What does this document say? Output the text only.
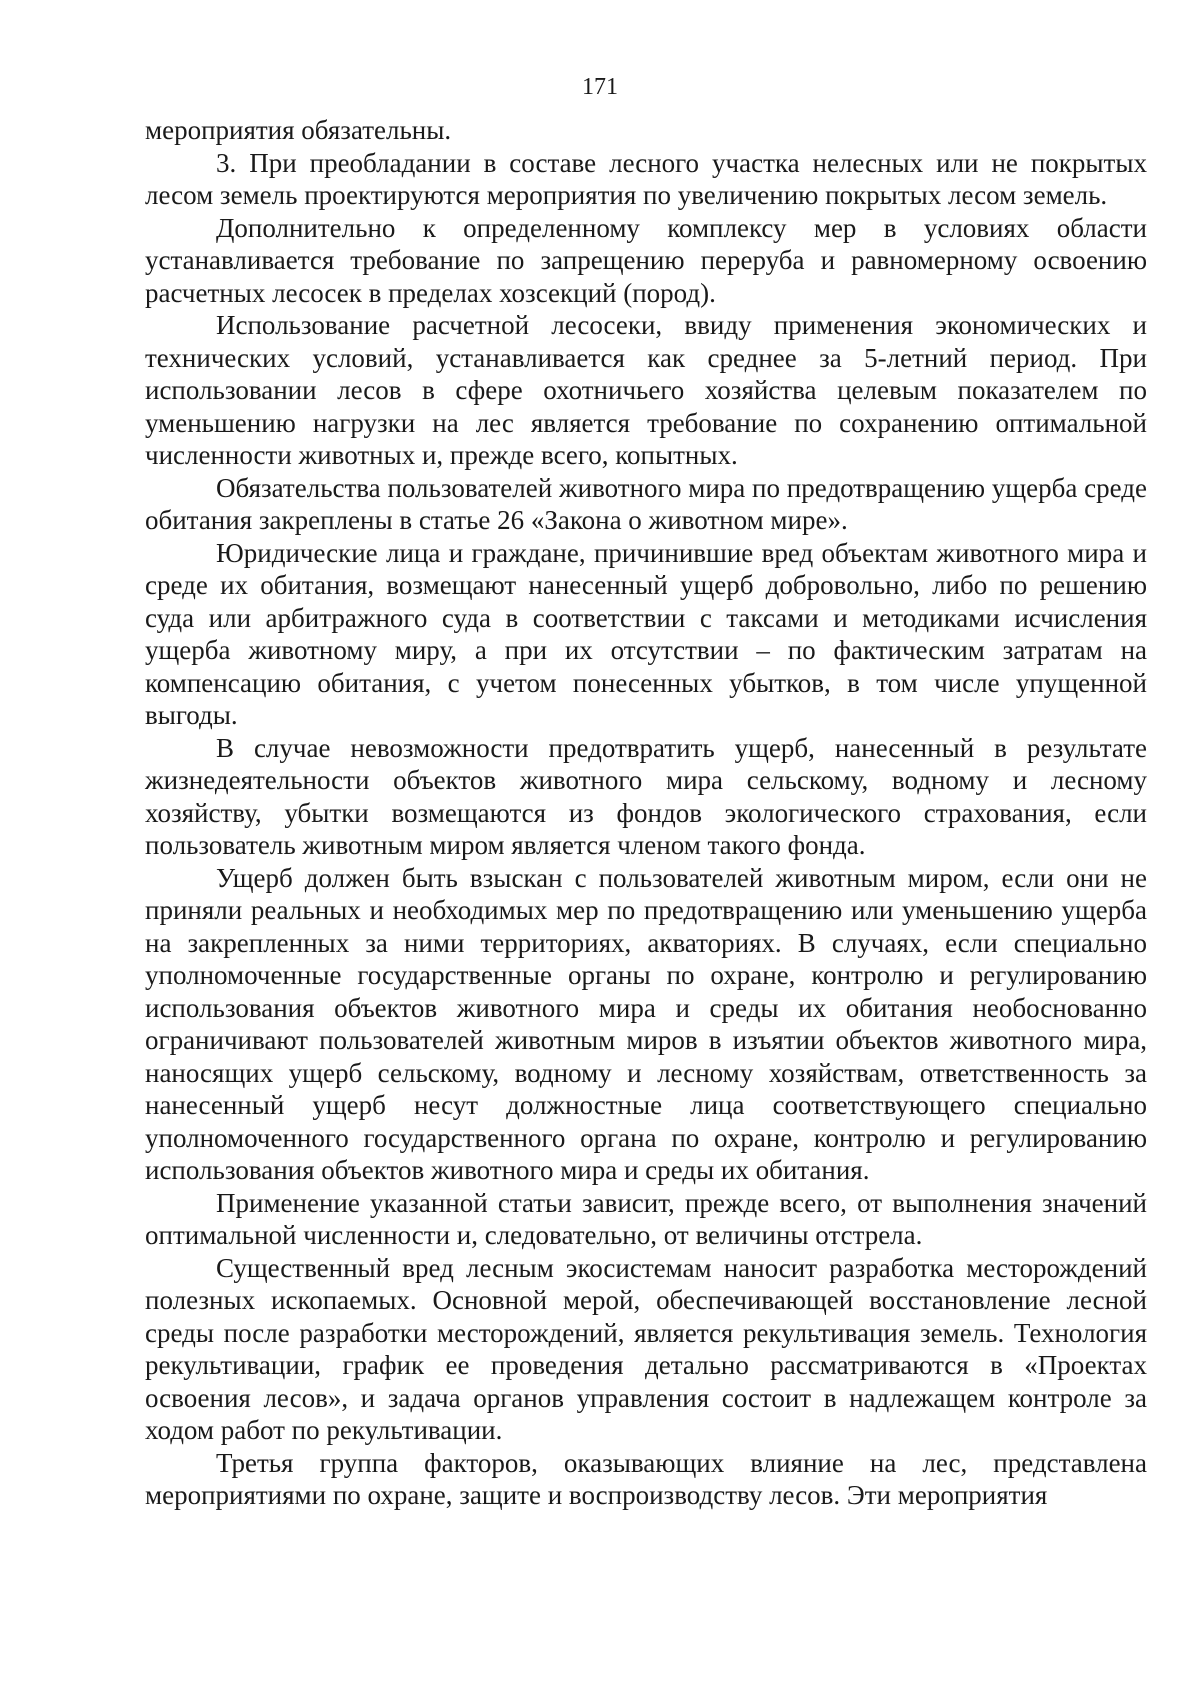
171

мероприятия обязательны.

3. При преобладании в составе лесного участка нелесных или не покрытых лесом земель проектируются мероприятия по увеличению покрытых лесом земель.

Дополнительно к определенному комплексу мер в условиях области устанавливается требование по запрещению переруба и равномерному освоению расчетных лесосек в пределах хозсекций (пород).

Использование расчетной лесосеки, ввиду применения экономических и технических условий, устанавливается как среднее за 5-летний период. При использовании лесов в сфере охотничьего хозяйства целевым показателем по уменьшению нагрузки на лес является требование по сохранению оптимальной численности животных и, прежде всего, копытных.

Обязательства пользователей животного мира по предотвращению ущерба среде обитания закреплены в статье 26 «Закона о животном мире».

Юридические лица и граждане, причинившие вред объектам животного мира и среде их обитания, возмещают нанесенный ущерб добровольно, либо по решению суда или арбитражного суда в соответствии с таксами и методиками исчисления ущерба животному миру, а при их отсутствии – по фактическим затратам на компенсацию обитания, с учетом понесенных убытков, в том числе упущенной выгоды.

В случае невозможности предотвратить ущерб, нанесенный в результате жизнедеятельности объектов животного мира сельскому, водному и лесному хозяйству, убытки возмещаются из фондов экологического страхования, если пользователь животным миром является членом такого фонда.

Ущерб должен быть взыскан с пользователей животным миром, если они не приняли реальных и необходимых мер по предотвращению или уменьшению ущерба на закрепленных за ними территориях, акваториях. В случаях, если специально уполномоченные государственные органы по охране, контролю и регулированию использования объектов животного мира и среды их обитания необоснованно ограничивают пользователей животным миров в изъятии объектов животного мира, наносящих ущерб сельскому, водному и лесному хозяйствам, ответственность за нанесенный ущерб несут должностные лица соответствующего специально уполномоченного государственного органа по охране, контролю и регулированию использования объектов животного мира и среды их обитания.

Применение указанной статьи зависит, прежде всего, от выполнения значений оптимальной численности и, следовательно, от величины отстрела.

Существенный вред лесным экосистемам наносит разработка месторождений полезных ископаемых. Основной мерой, обеспечивающей восстановление лесной среды после разработки месторождений, является рекультивация земель. Технология рекультивации, график ее проведения детально рассматриваются в «Проектах освоения лесов», и задача органов управления состоит в надлежащем контроле за ходом работ по рекультивации.

Третья группа факторов, оказывающих влияние на лес, представлена мероприятиями по охране, защите и воспроизводству лесов. Эти мероприятия
